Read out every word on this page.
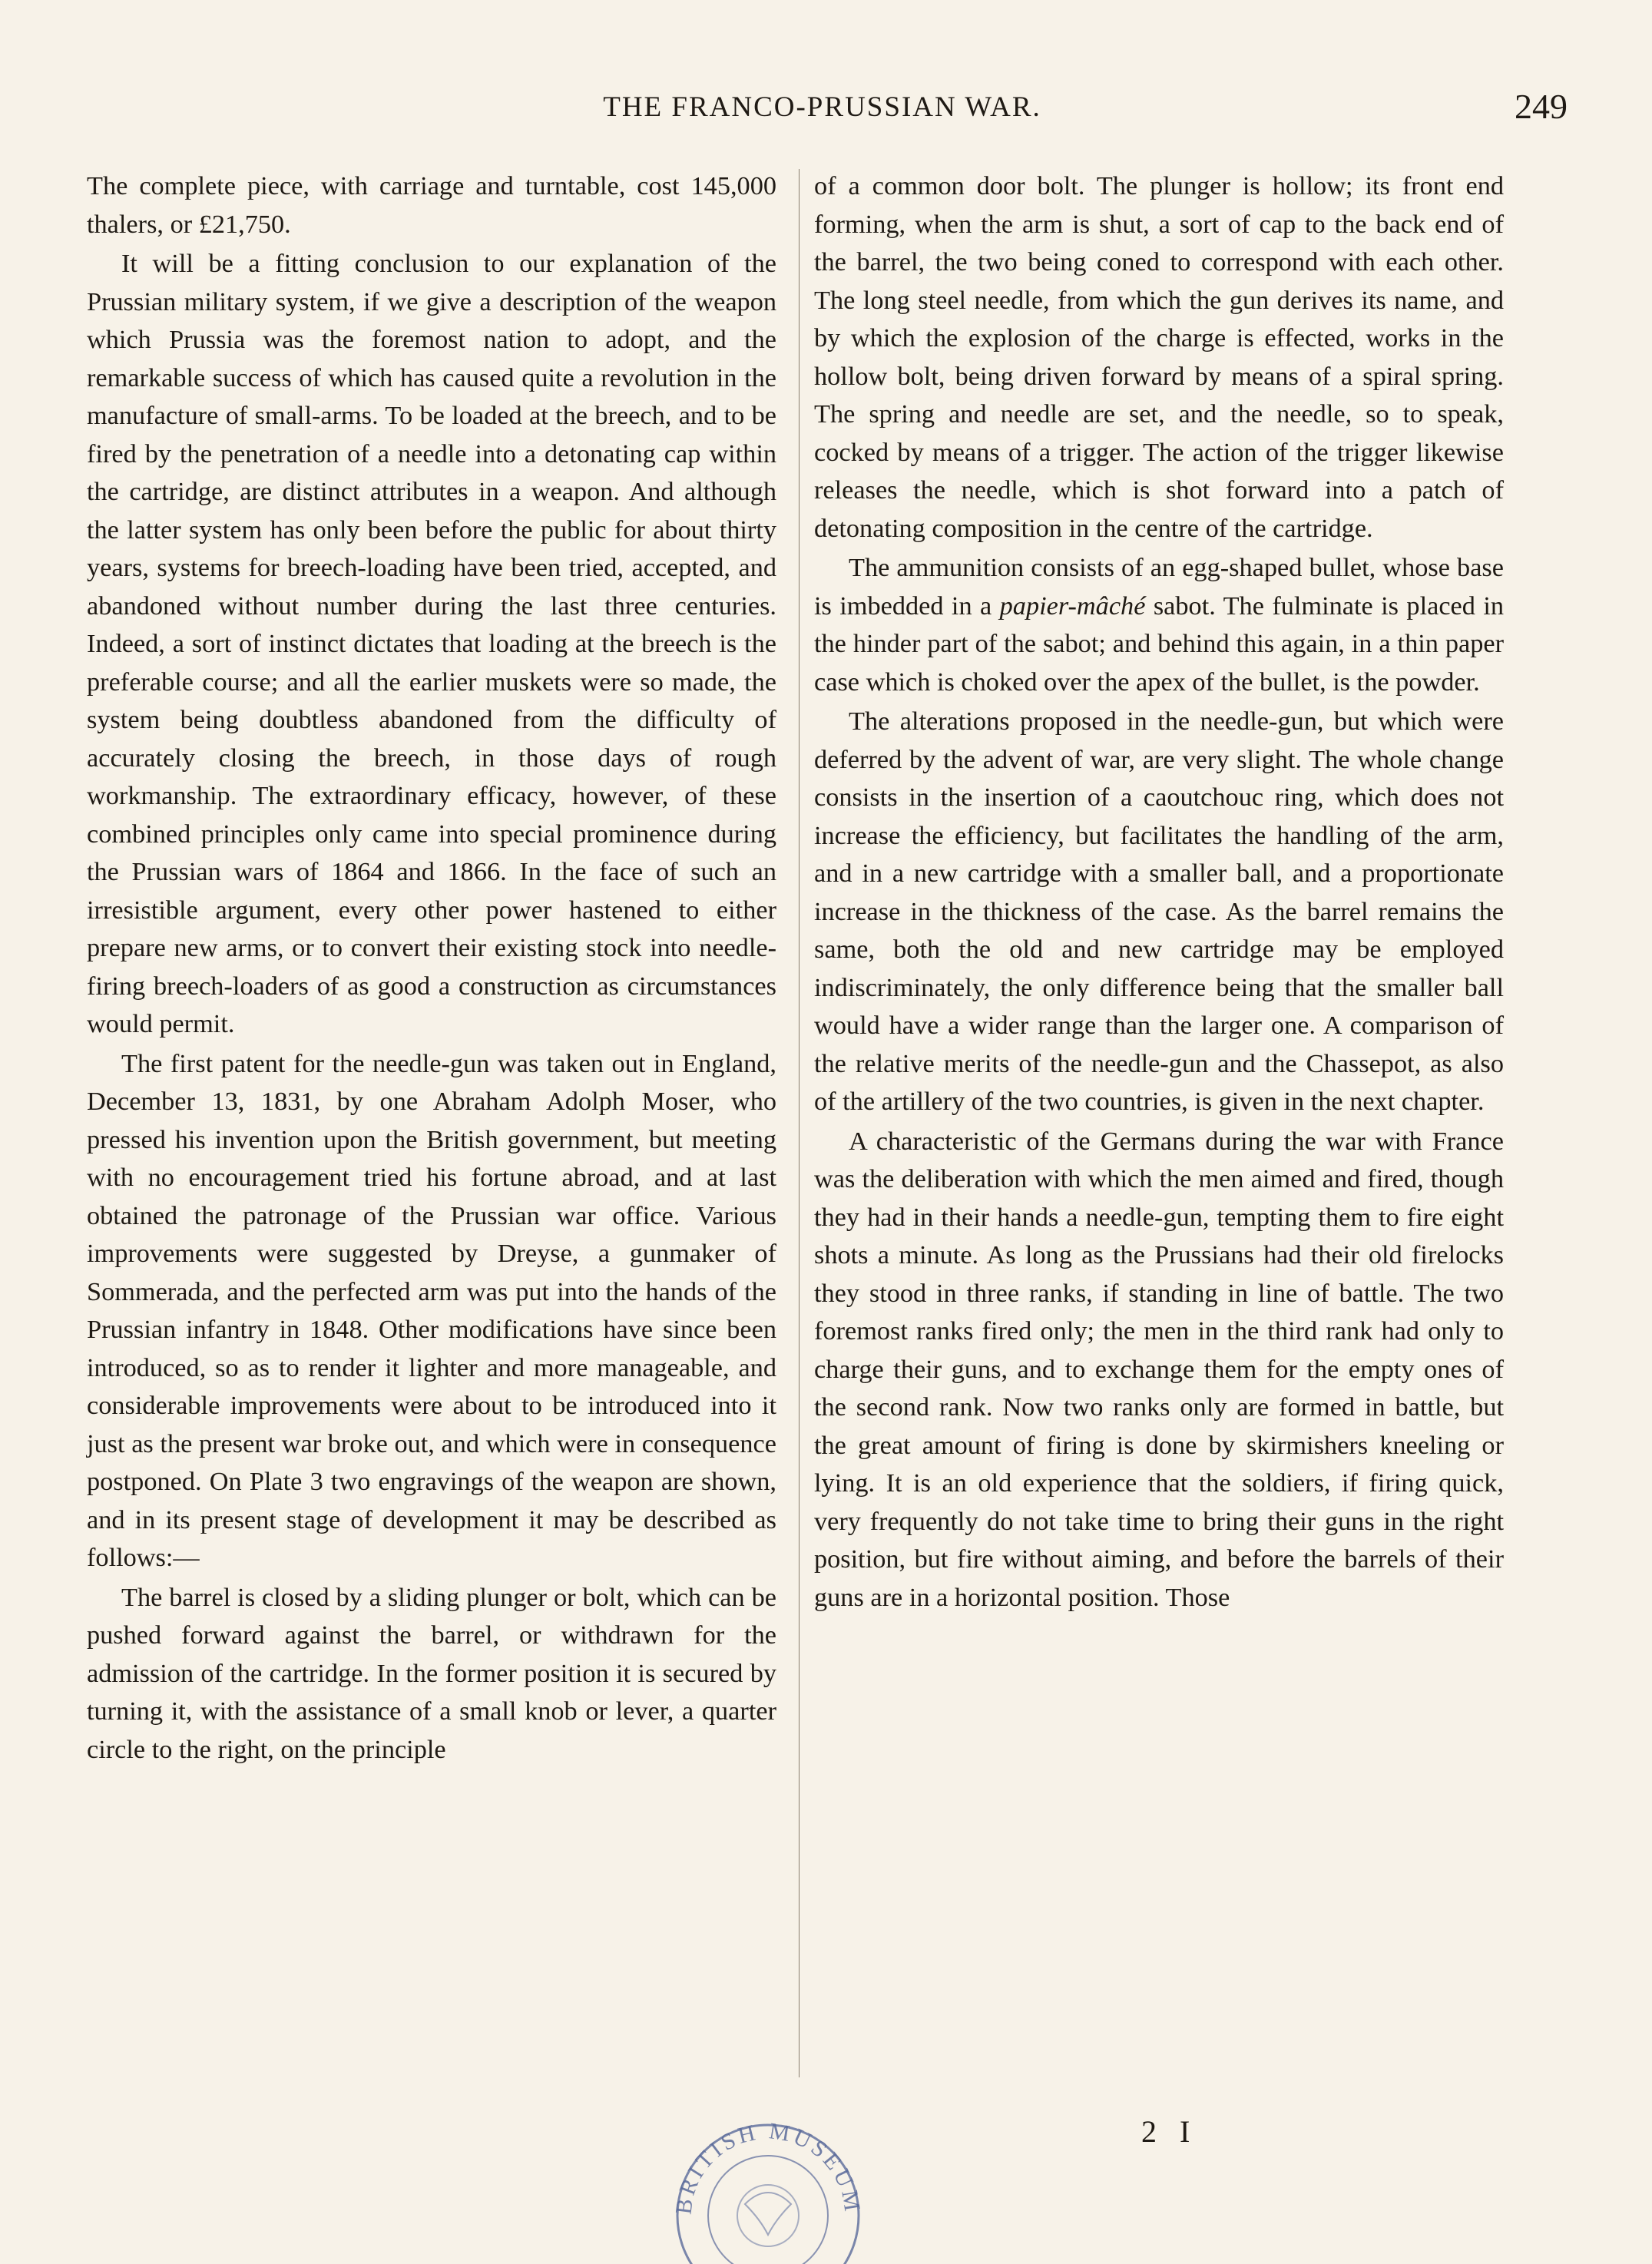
THE FRANCO-PRUSSIAN WAR.	249

The complete piece, with carriage and turntable, cost 145,000 thalers, or £21,750.

It will be a fitting conclusion to our explanation of the Prussian military system, if we give a description of the weapon which Prussia was the foremost nation to adopt, and the remarkable success of which has caused quite a revolution in the manufacture of small-arms. To be loaded at the breech, and to be fired by the penetration of a needle into a detonating cap within the cartridge, are distinct attributes in a weapon. And although the latter system has only been before the public for about thirty years, systems for breech-loading have been tried, accepted, and abandoned without number during the last three centuries. Indeed, a sort of instinct dictates that loading at the breech is the preferable course; and all the earlier muskets were so made, the system being doubtless abandoned from the difficulty of accurately closing the breech, in those days of rough workmanship. The extraordinary efficacy, however, of these combined principles only came into special prominence during the Prussian wars of 1864 and 1866. In the face of such an irresistible argument, every other power hastened to either prepare new arms, or to convert their existing stock into needle-firing breech-loaders of as good a construction as circumstances would permit.

The first patent for the needle-gun was taken out in England, December 13, 1831, by one Abraham Adolph Moser, who pressed his invention upon the British government, but meeting with no encouragement tried his fortune abroad, and at last obtained the patronage of the Prussian war office. Various improvements were suggested by Dreyse, a gunmaker of Sommerada, and the perfected arm was put into the hands of the Prussian infantry in 1848. Other modifications have since been introduced, so as to render it lighter and more manageable, and considerable improvements were about to be introduced into it just as the present war broke out, and which were in consequence postponed. On Plate 3 two engravings of the weapon are shown, and in its present stage of development it may be described as follows:—

The barrel is closed by a sliding plunger or bolt, which can be pushed forward against the barrel, or withdrawn for the admission of the cartridge. In the former position it is secured by turning it, with the assistance of a small knob or lever, a quarter circle to the right, on the principle

of a common door bolt. The plunger is hollow; its front end forming, when the arm is shut, a sort of cap to the back end of the barrel, the two being coned to correspond with each other. The long steel needle, from which the gun derives its name, and by which the explosion of the charge is effected, works in the hollow bolt, being driven forward by means of a spiral spring. The spring and needle are set, and the needle, so to speak, cocked by means of a trigger. The action of the trigger likewise releases the needle, which is shot forward into a patch of detonating composition in the centre of the cartridge.

The ammunition consists of an egg-shaped bullet, whose base is imbedded in a papier-mâché sabot. The fulminate is placed in the hinder part of the sabot; and behind this again, in a thin paper case which is choked over the apex of the bullet, is the powder.

The alterations proposed in the needle-gun, but which were deferred by the advent of war, are very slight. The whole change consists in the insertion of a caoutchouc ring, which does not increase the efficiency, but facilitates the handling of the arm, and in a new cartridge with a smaller ball, and a proportionate increase in the thickness of the case. As the barrel remains the same, both the old and new cartridge may be employed indiscriminately, the only difference being that the smaller ball would have a wider range than the larger one. A comparison of the relative merits of the needle-gun and the Chassepot, as also of the artillery of the two countries, is given in the next chapter.

A characteristic of the Germans during the war with France was the deliberation with which the men aimed and fired, though they had in their hands a needle-gun, tempting them to fire eight shots a minute. As long as the Prussians had their old firelocks they stood in three ranks, if standing in line of battle. The two foremost ranks fired only; the men in the third rank had only to charge their guns, and to exchange them for the empty ones of the second rank. Now two ranks only are formed in battle, but the great amount of firing is done by skirmishers kneeling or lying. It is an old experience that the soldiers, if firing quick, very frequently do not take time to bring their guns in the right position, but fire without aiming, and before the barrels of their guns are in a horizontal position. Those

2 I
BRITISH MUSEUM
